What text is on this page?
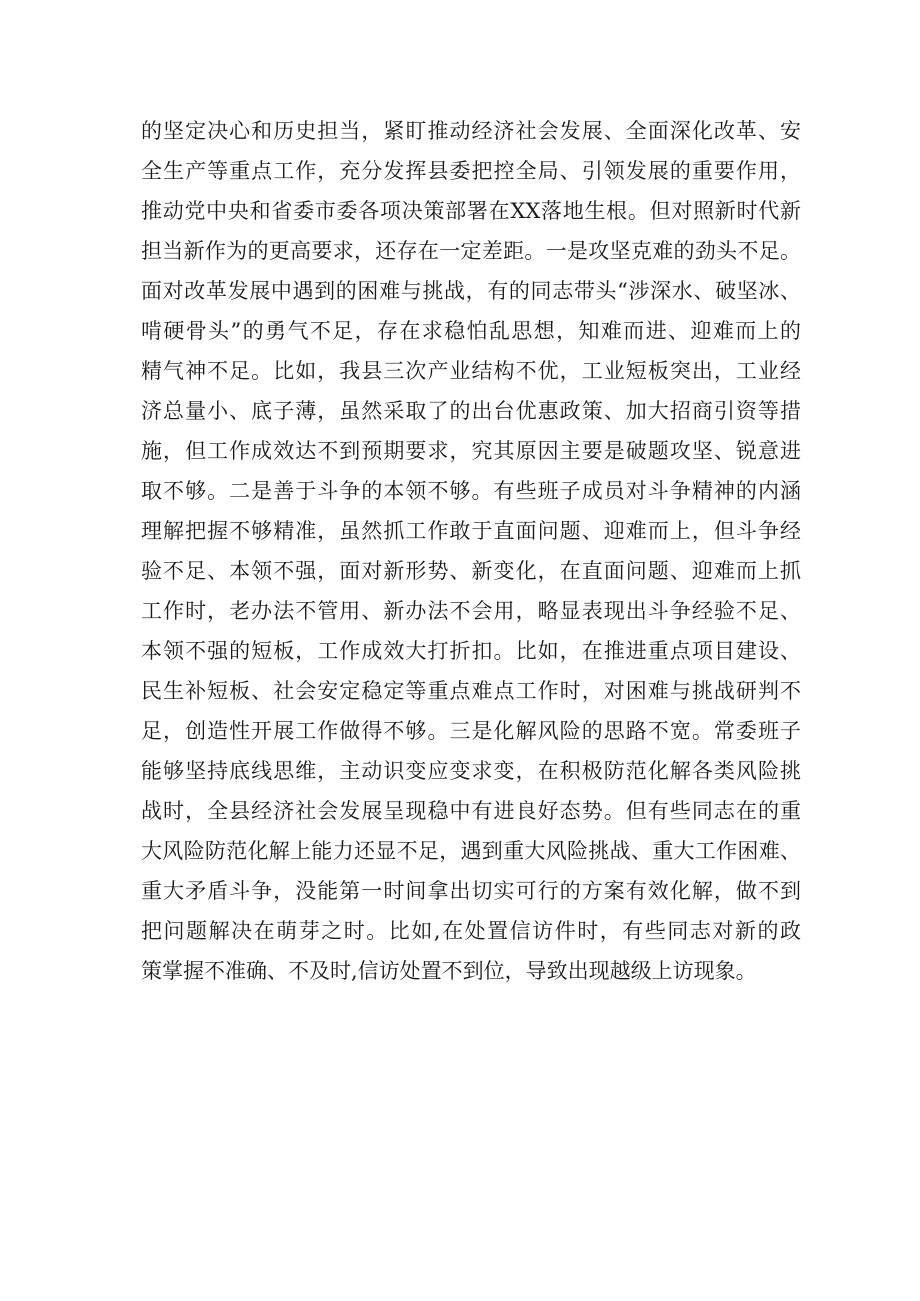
的坚定决心和历史担当，紧盯推动经济社会发展、全面深化改革、安
全生产等重点工作，充分发挥县委把控全局、引领发展的重要作用，
推动党中央和省委市委各项决策部署在XX落地生根。但对照新时代新
担当新作为的更高要求，还存在一定差距。一是攻坚克难的劲头不足。
面对改革发展中遇到的困难与挑战，有的同志带头“涉深水、破坚冰、
啃硬骨头”的勇气不足，存在求稳怕乱思想，知难而进、迎难而上的
精气神不足。比如，我县三次产业结构不优，工业短板突出，工业经
济总量小、底子薄，虽然采取了的出台优惠政策、加大招商引资等措
施，但工作成效达不到预期要求，究其原因主要是破题攻坚、锐意进
取不够。二是善于斗争的本领不够。有些班子成员对斗争精神的内涵
理解把握不够精准，虽然抓工作敢于直面问题、迎难而上，但斗争经
验不足、本领不强，面对新形势、新变化，在直面问题、迎难而上抓
工作时，老办法不管用、新办法不会用，略显表现出斗争经验不足、
本领不强的短板，工作成效大打折扣。比如，在推进重点项目建设、
民生补短板、社会安定稳定等重点难点工作时，对困难与挑战研判不
足，创造性开展工作做得不够。三是化解风险的思路不宽。常委班子
能够坚持底线思维，主动识变应变求变，在积极防范化解各类风险挑
战时，全县经济社会发展呈现稳中有进良好态势。但有些同志在的重
大风险防范化解上能力还显不足，遇到重大风险挑战、重大工作困难、
重大矛盾斗争，没能第一时间拿出切实可行的方案有效化解，做不到
把问题解决在萌芽之时。比如,在处置信访件时，有些同志对新的政
策掌握不准确、不及时,信访处置不到位，导致出现越级上访现象。
